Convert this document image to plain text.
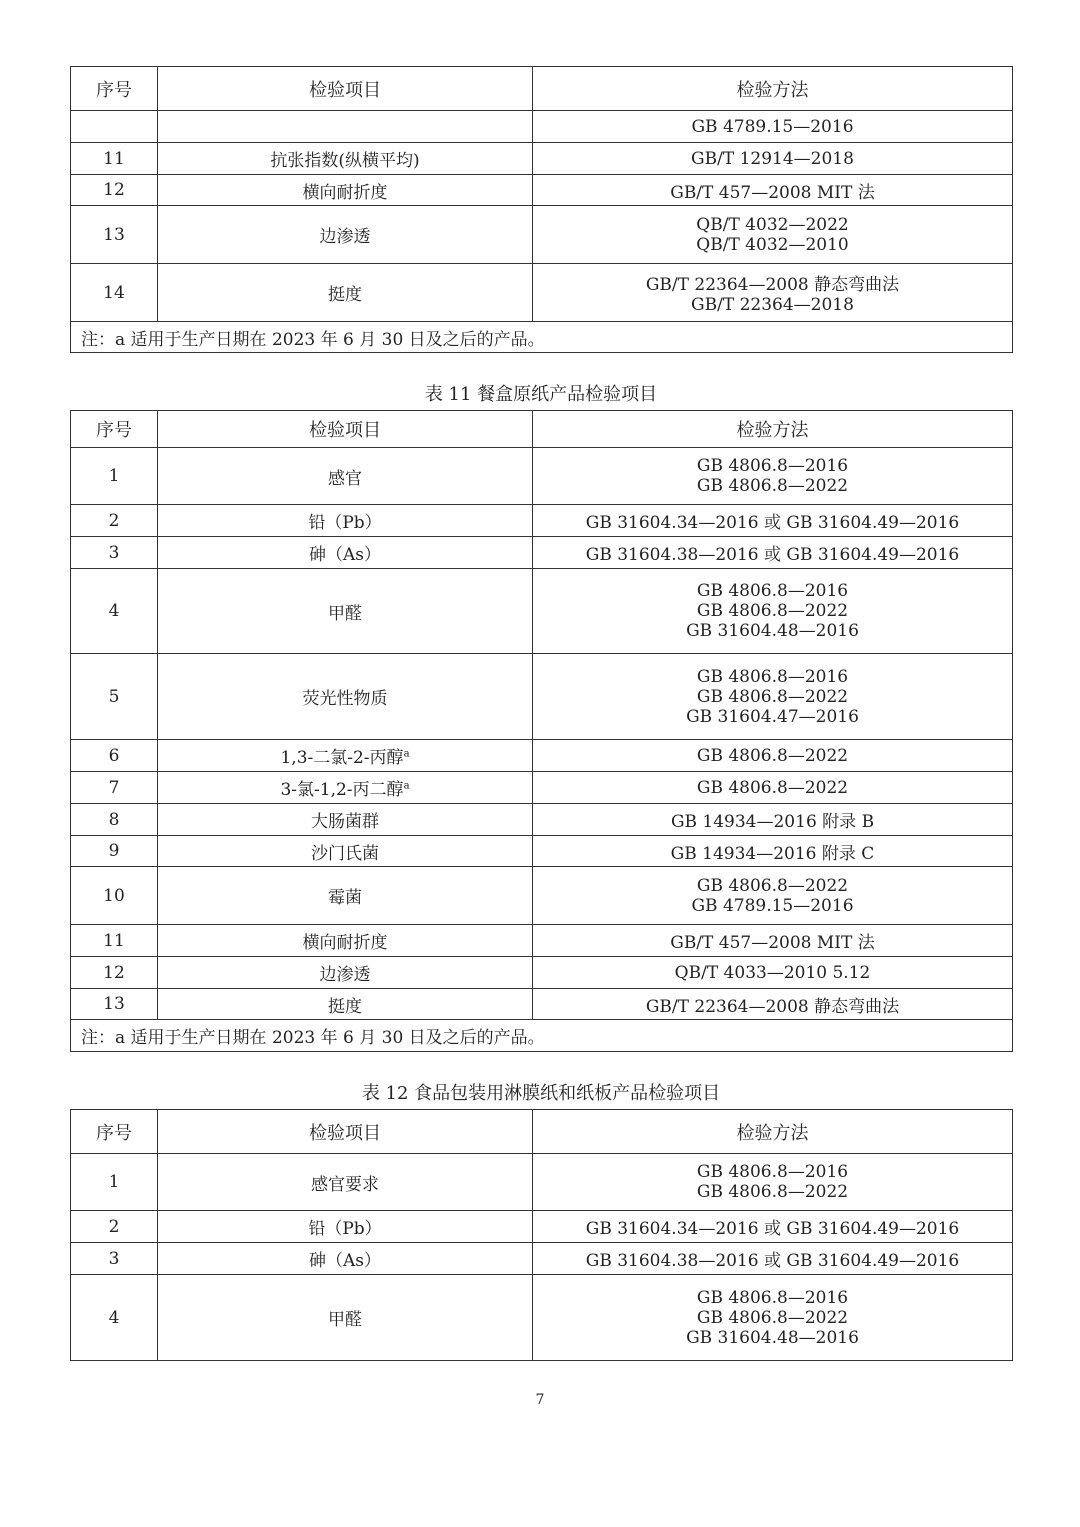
序号	检验项目	检验方法

		GB 4789.15—2016

11	抗张指数(纵横平均)	GB/T 12914—2018

12	横向耐折度	GB/T 457—2008 MIT 法

13	边渗透	QB/T 4032—2022
QB/T 4032—2010

14	挺度	GB/T 22364—2008 静态弯曲法
GB/T 22364—2018

注：a 适用于生产日期在 2023 年 6 月 30 日及之后的产品。		
表 11 餐盒原纸产品检验项目
序号	检验项目	检验方法
1	感官	GB 4806.8—2016
GB 4806.8—2022

2	铅（Pb）	GB 31604.34—2016 或 GB 31604.49—2016

3	砷（As）	GB 31604.38—2016 或 GB 31604.49—2016

4	甲醛	GB 4806.8—2016
GB 4806.8—2022
GB 31604.48—2016

5	荧光性物质	GB 4806.8—2016
GB 4806.8—2022
GB 31604.47—2016

6	1,3-二氯-2-丙醇$^a$	GB 4806.8—2022

7	3-氯-1,2-丙二醇$^a$	GB 4806.8—2022

8	大肠菌群	GB 14934—2016 附录 B

9	沙门氏菌	GB 14934—2016 附录 C

10	霉菌	GB 4806.8—2022
GB 4789.15—2016

11	横向耐折度	GB/T 457—2008 MIT 法

12	边渗透	QB/T 4033—2010 5.12

13	挺度	GB/T 22364—2008 静态弯曲法

注：a 适用于生产日期在 2023 年 6 月 30 日及之后的产品。		
表 12 食品包装用淋膜纸和纸板产品检验项目
序号	检验项目	检验方法
1	感官要求	GB 4806.8—2016
GB 4806.8—2022

2	铅（Pb）	GB 31604.34—2016 或 GB 31604.49—2016

3	砷（As）	GB 31604.38—2016 或 GB 31604.49—2016

4	甲醛	GB 4806.8—2016
GB 4806.8—2022
GB 31604.48—2016
7
